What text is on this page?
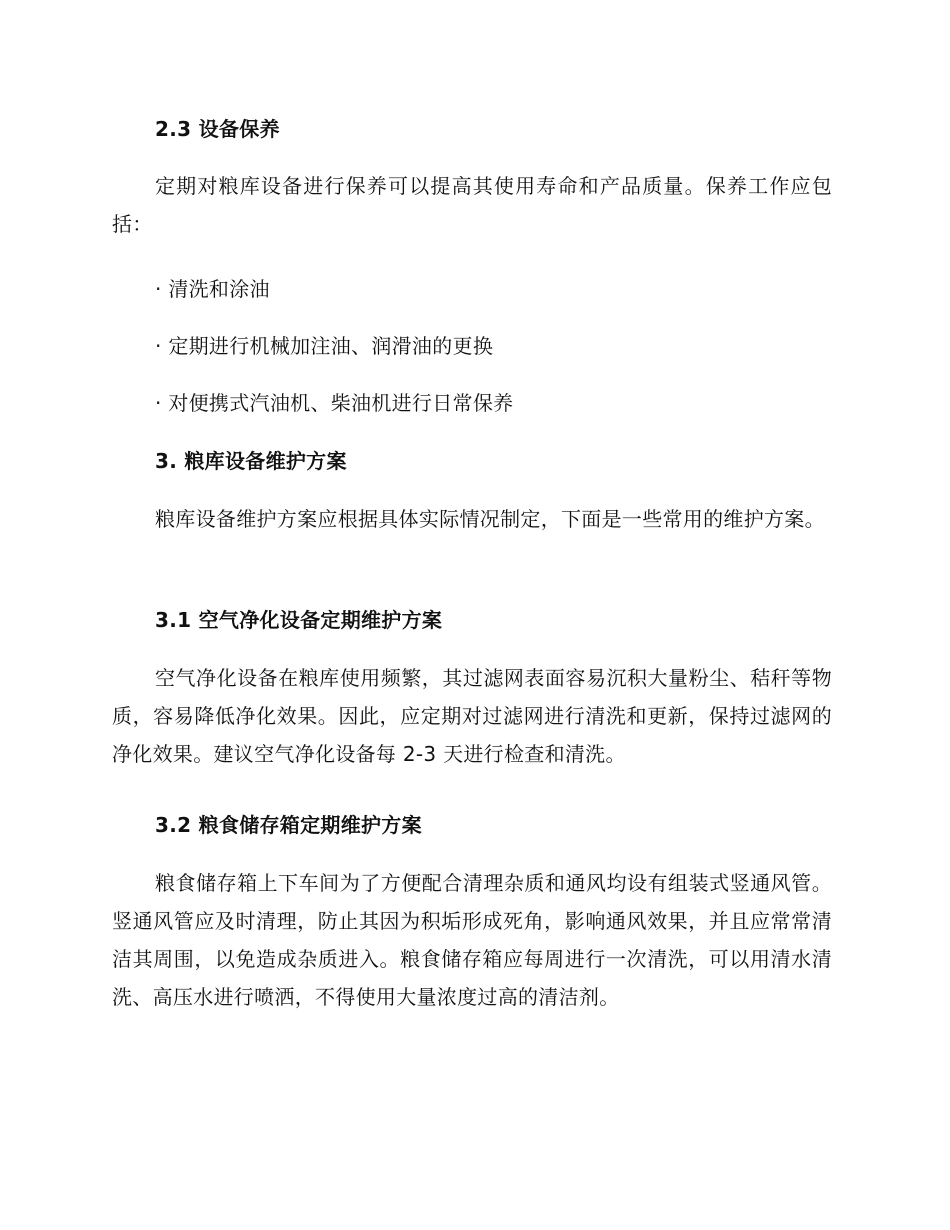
2.3 设备保养
定期对粮库设备进行保养可以提高其使用寿命和产品质量。保养工作应包括：
· 清洗和涂油
· 定期进行机械加注油、润滑油的更换
· 对便携式汽油机、柴油机进行日常保养
3. 粮库设备维护方案
粮库设备维护方案应根据具体实际情况制定，下面是一些常用的维护方案。
3.1 空气净化设备定期维护方案
空气净化设备在粮库使用频繁，其过滤网表面容易沉积大量粉尘、秸秆等物质，容易降低净化效果。因此，应定期对过滤网进行清洗和更新，保持过滤网的净化效果。建议空气净化设备每 2-3 天进行检查和清洗。
3.2 粮食储存箱定期维护方案
粮食储存箱上下车间为了方便配合清理杂质和通风均设有组装式竖通风管。竖通风管应及时清理，防止其因为积垢形成死角，影响通风效果，并且应常常清洁其周围，以免造成杂质进入。粮食储存箱应每周进行一次清洗，可以用清水清洗、高压水进行喷洒，不得使用大量浓度过高的清洁剂。
